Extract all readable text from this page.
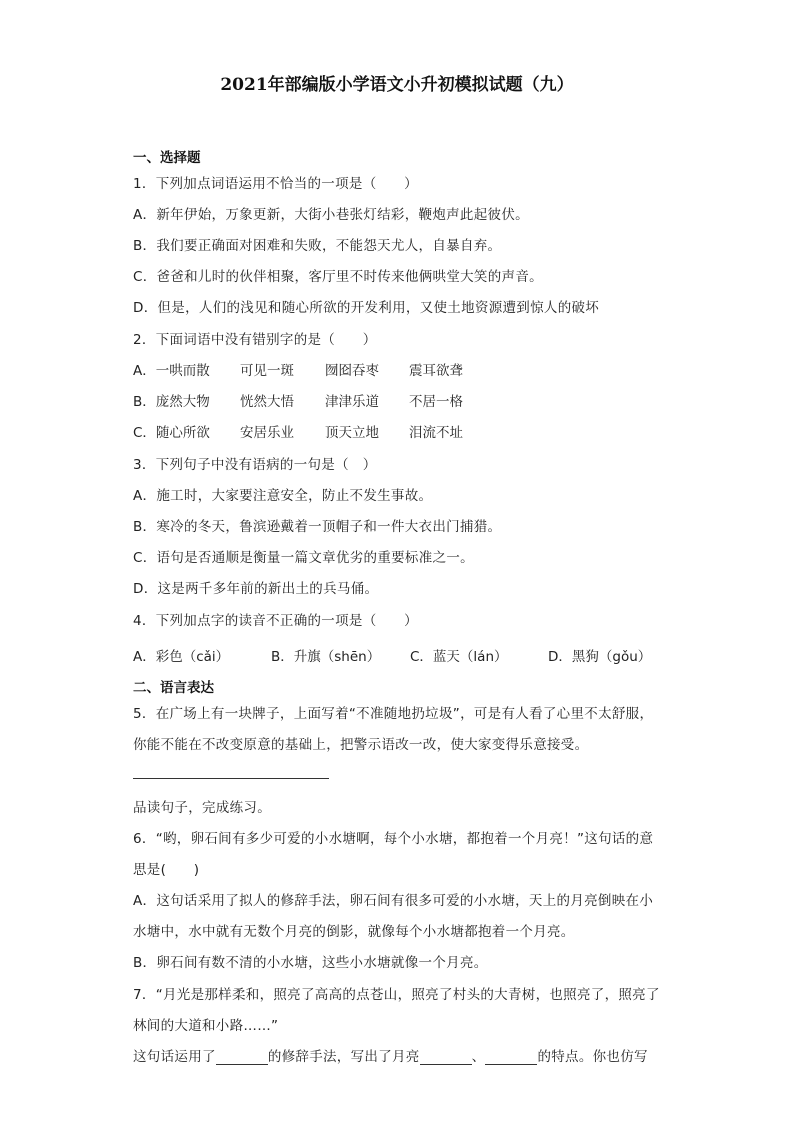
2021年部编版小学语文小升初模拟试题（九）
一、选择题
1．下列加点词语运用不恰当的一项是（　　）
A．新年伊始，万象更新，大街小巷张灯结彩，鞭炮声此起彼伏。
B．我们要正确面对困难和失败，不能怨天尤人，自暴自弃。
C．爸爸和儿时的伙伴相聚，客厅里不时传来他俩哄堂大笑的声音。
D．但是，人们的浅见和随心所欲的开发利用，又使土地资源遭到惊人的破坏
2．下面词语中没有错别字的是（　　）
A．一哄而散	可见一斑	囫囵吞枣	震耳欲聋
B．庞然大物	恍然大悟	津津乐道	不居一格
C．随心所欲	安居乐业	顶天立地	泪流不址
3．下列句子中没有语病的一句是（　）
A．施工时，大家要注意安全，防止不发生事故。
B．寒冷的冬天，鲁滨逊戴着一顶帽子和一件大衣出门捕猎。
C．语句是否通顺是衡量一篇文章优劣的重要标准之一。
D．这是两千多年前的新出土的兵马俑。
4．下列加点字的读音不正确的一项是（　　）
A．彩色（cǎi）	B．升旗（shēn）	C．蓝天（lán）	D．黑狗（gǒu）
二、语言表达
5．在广场上有一块牌子，上面写着“不准随地扔垃圾”，可是有人看了心里不太舒服，
你能不能在不改变原意的基础上，把警示语改一改，使大家变得乐意接受。
品读句子，完成练习。
6．“哟，卵石间有多少可爱的小水塘啊，每个小水塘，都抱着一个月亮！”这句话的意
思是(　　)
A．这句话采用了拟人的修辞手法，卵石间有很多可爱的小水塘，天上的月亮倒映在小
水塘中，水中就有无数个月亮的倒影，就像每个小水塘都抱着一个月亮。
B．卵石间有数不清的小水塘，这些小水塘就像一个月亮。
7．“月光是那样柔和，照亮了高高的点苍山，照亮了村头的大青树，也照亮了，照亮了
林间的大道和小路……”
这句话运用了	的修辞手法，写出了月亮	、	的特点。你也仿写
